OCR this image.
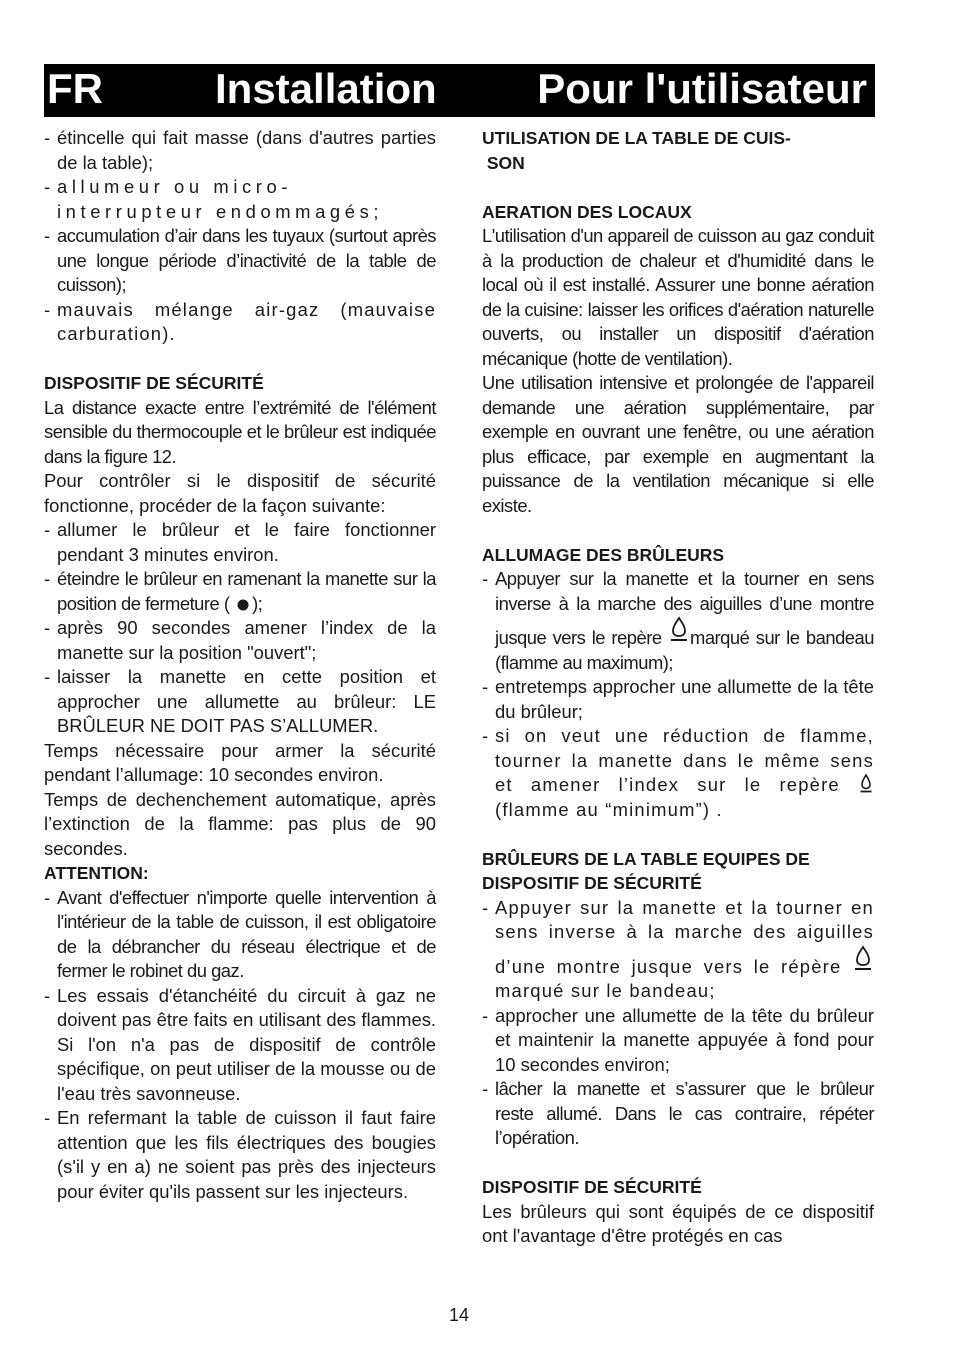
FR	Installation Pour l'utilisateur
- étincelle qui fait masse (dans d'autres parties de la table);
- allumeur ou micro-interrupteur endommagés;
- accumulation d’air dans les tuyaux (surtout après une longue période d’inactivité de la table de cuisson);
- mauvais mélange air-gaz (mauvaise carburation).
DISPOSITIF DE SÉCURITÉ

La distance exacte entre l’extrémité de l'élément sensible du thermocouple et le brûleur est indiquée dans la figure 12.

Pour contrôler si le dispositif de sécurité fonctionne, procéder de la façon suivante:

- allumer le brûleur et le faire fonctionner pendant 3 minutes environ.
- éteindre le brûleur en ramenant la manette sur la position de fermeture ( );
- après 90 secondes amener l’index de la manette sur la position "ouvert";
- laisser la manette en cette position et approcher une allumette au brûleur: LE BRÛLEUR NE DOIT PAS S’ALLUMER.

Temps nécessaire pour armer la sécurité pendant l’allumage: 10 secondes environ.

Temps de dechenchement automatique, après l’extinction de la flamme: pas plus de 90 secondes.

ATTENTION:
- Avant d'effectuer n'importe quelle intervention à l'intérieur de la table de cuisson, il est obligatoire de la débrancher du réseau électrique et de fermer le robinet du gaz.
- Les essais d'étanchéité du circuit à gaz ne doivent pas être faits en utilisant des flammes. Si l'on n'a pas de dispositif de contrôle spécifique, on peut utiliser de la mousse ou de l'eau très savonneuse.
- En refermant la table de cuisson il faut faire attention que les fils électriques des bougies (s'il y en a) ne soient pas près des injecteurs pour éviter qu'ils passent sur les injecteurs.
UTILISATION DE LA TABLE DE CUIS-
SON
AERATION DES LOCAUX

L'utilisation d'un appareil de cuisson au gaz conduit à la production de chaleur et d'humidité dans le local où il est installé. Assurer une bonne aération de la cuisine: laisser les orifices d'aération naturelle ouverts, ou installer un dispositif d'aération mécanique (hotte de ventilation).

Une utilisation intensive et prolongée de l'appareil demande une aération supplémentaire, par exemple en ouvrant une fenêtre, ou une aération plus efficace, par exemple en augmentant la puissance de la ventilation mécanique si elle existe.

ALLUMAGE DES BRÛLEURS
- Appuyer sur la manette et la tourner en sens inverse à la marche des aiguilles d’une montre jusque vers le repère marqué sur le bandeau (flamme au maximum);
- entretemps approcher une allumette de la tête du brûleur;
- si on veut une réduction de flamme, tourner la manette dans le même sens et amener l’index sur le repère (flamme au “minimum”) .
BRÛLEURS DE LA TABLE EQUIPES DE DISPOSITIF DE SÉCURITÉ
- Appuyer sur la manette et la tourner en sens inverse à la marche des aiguilles d’une montre jusque vers le répère marqué sur le bandeau;
- approcher une allumette de la tête du brûleur et maintenir la manette appuyée à fond pour 10 secondes environ;
- lâcher la manette et s’assurer que le brûleur reste allumé. Dans le cas contraire, répéter l’opération.
DISPOSITIF DE SÉCURITÉ

Les brûleurs qui sont équipés de ce dispositif ont l'avantage d'être protégés en cas

14
